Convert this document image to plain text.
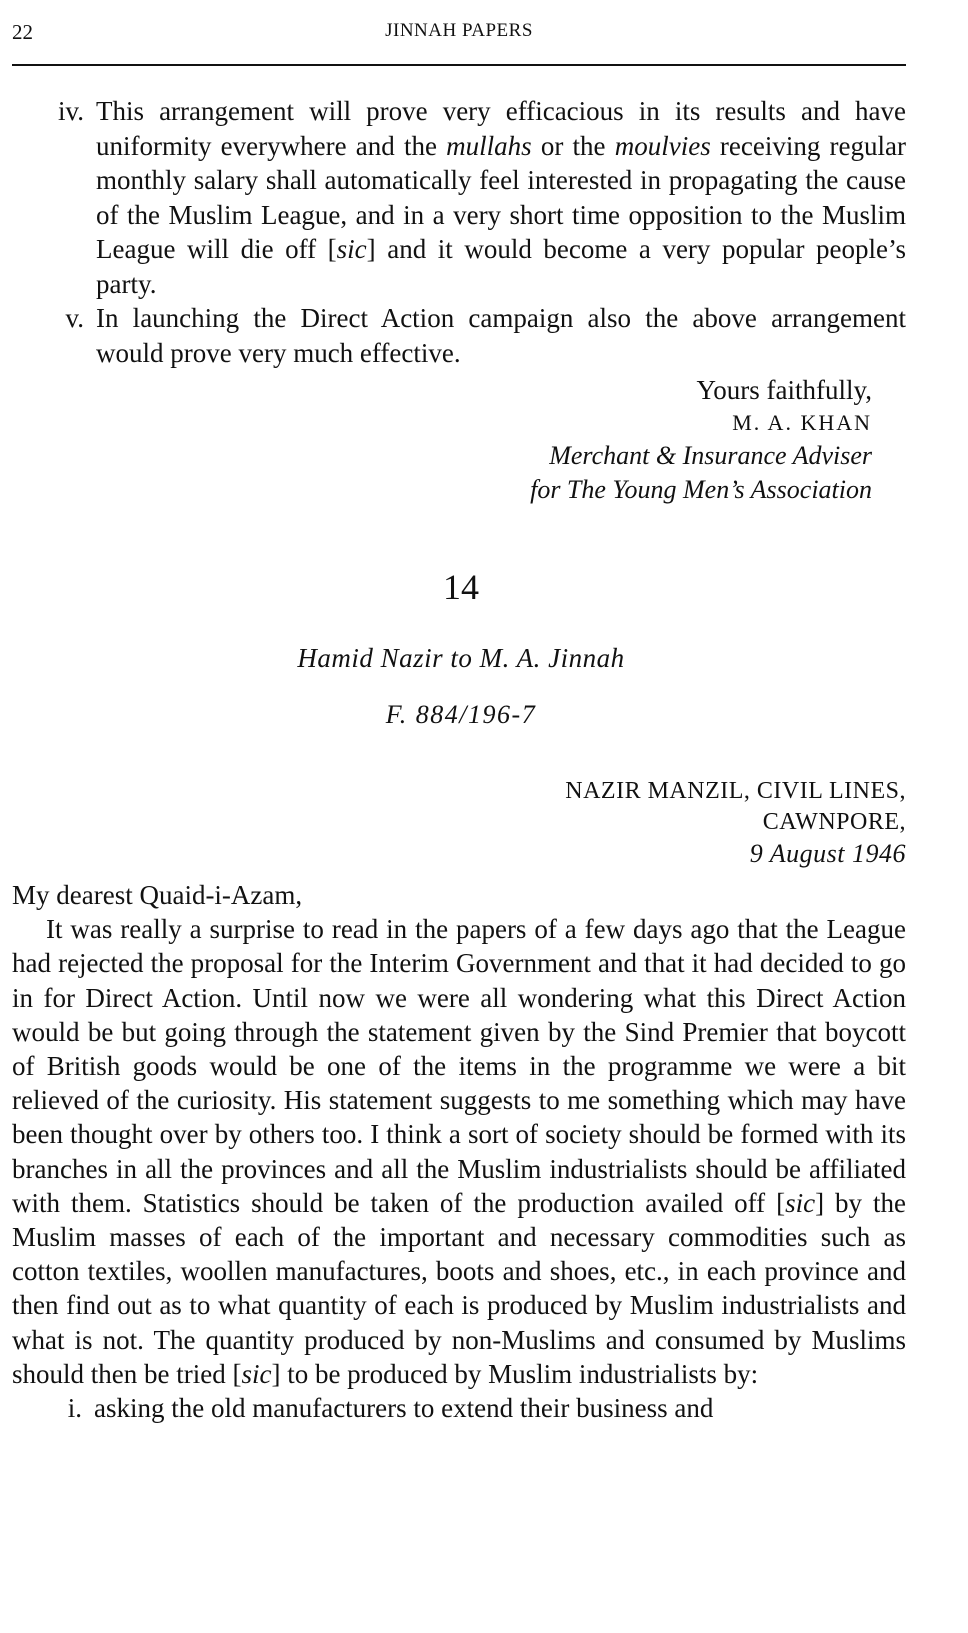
22	JINNAH PAPERS
iv. This arrangement will prove very efficacious in its results and have uniformity everywhere and the mullahs or the moulvies receiving regular monthly salary shall automatically feel interested in propagating the cause of the Muslim League, and in a very short time opposition to the Muslim League will die off [sic] and it would become a very popular people’s party.
v. In launching the Direct Action campaign also the above arrangement would prove very much effective.
Yours faithfully,
M. A. KHAN
Merchant & Insurance Adviser
for The Young Men’s Association
14
Hamid Nazir to M. A. Jinnah
F. 884/196-7
NAZIR MANZIL, CIVIL LINES,
CAWNPORE,
9 August 1946

My dearest Quaid-i-Azam,

It was really a surprise to read in the papers of a few days ago that the League had rejected the proposal for the Interim Government and that it had decided to go in for Direct Action. Until now we were all wondering what this Direct Action would be but going through the statement given by the Sind Premier that boycott of British goods would be one of the items in the programme we were a bit relieved of the curiosity. His statement suggests to me something which may have been thought over by others too. I think a sort of society should be formed with its branches in all the provinces and all the Muslim industrialists should be affiliated with them. Statistics should be taken of the production availed off [sic] by the Muslim masses of each of the important and necessary commodities such as cotton textiles, woollen manufactures, boots and shoes, etc., in each province and then find out as to what quantity of each is produced by Muslim industrialists and what is not. The quantity produced by non-Muslims and consumed by Muslims should then be tried [sic] to be produced by Muslim industrialists by:

i. asking the old manufacturers to extend their business and
